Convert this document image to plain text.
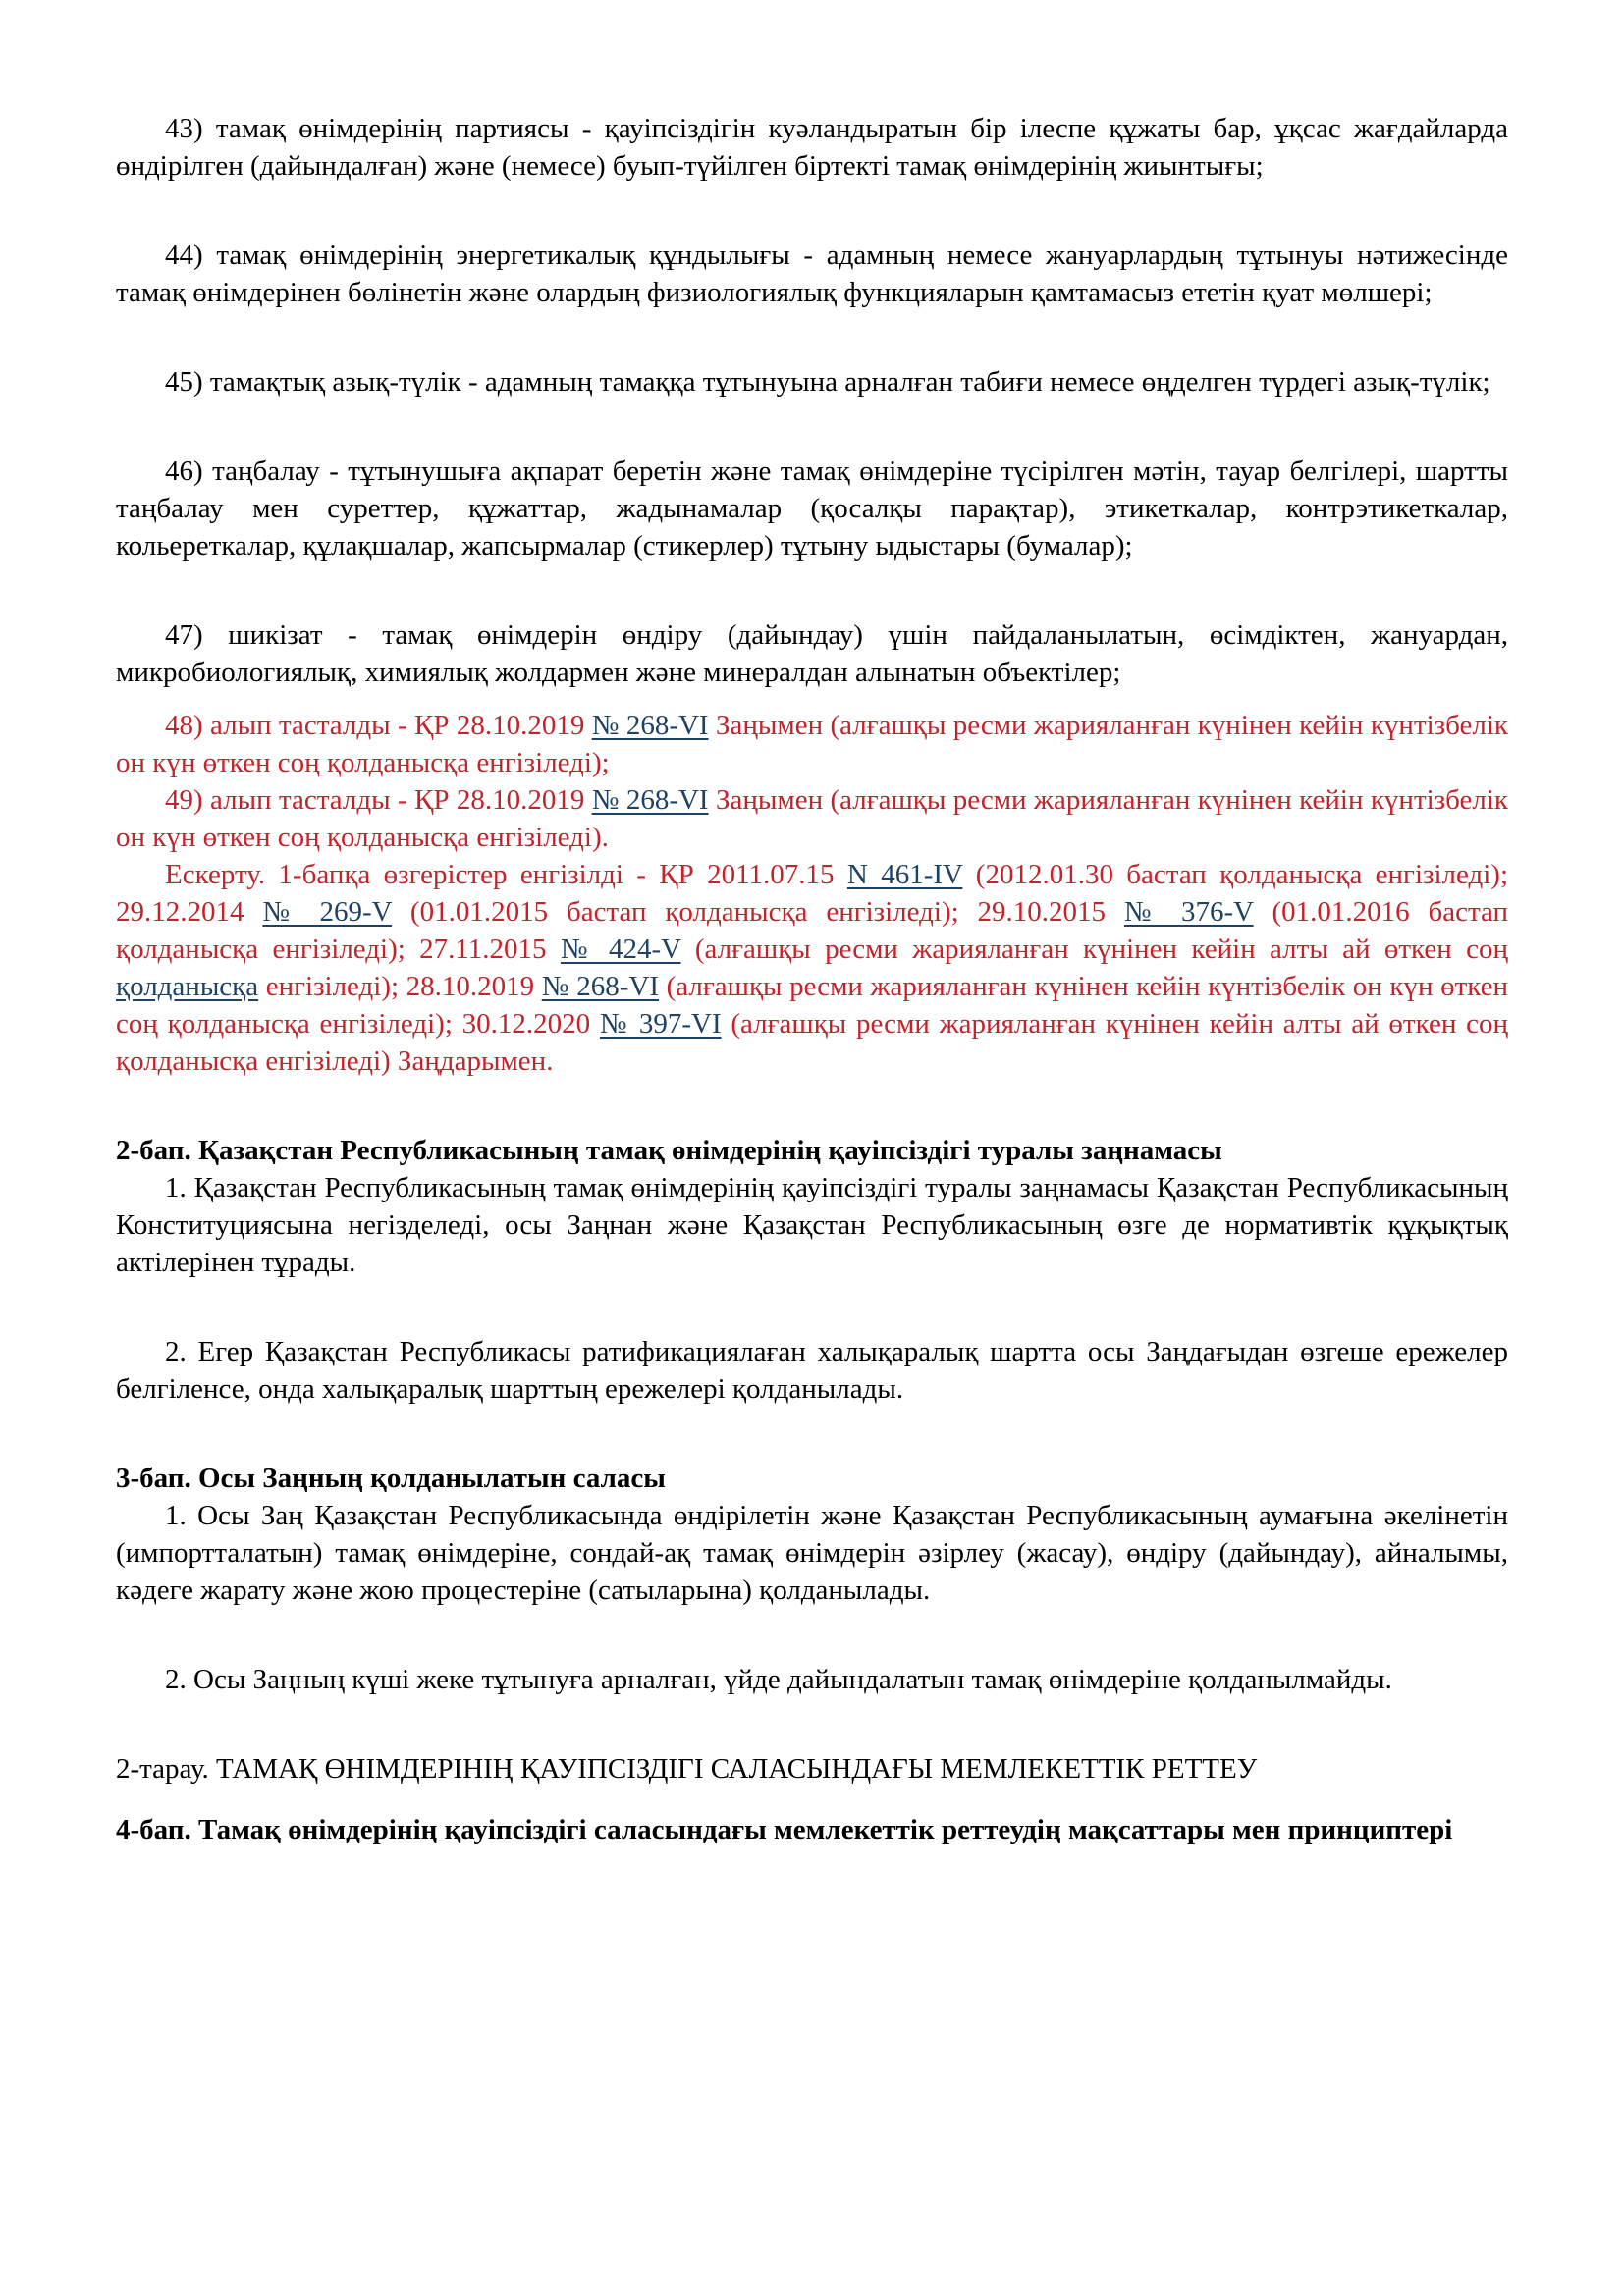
43) тамақ өнімдерінің партиясы - қауіпсіздігін куәландыратын бір ілеспе құжаты бар, ұқсас жағдайларда өндірілген (дайындалған) және (немесе) буып-түйілген біртекті тамақ өнімдерінің жиынтығы;

44) тамақ өнімдерінің энергетикалық құндылығы - адамның немесе жануарлардың тұтынуы нәтижесінде тамақ өнімдерінен бөлінетін және олардың физиологиялық функцияларын қамтамасыз ететін қуат мөлшері;

45) тамақтық азық-түлік - адамның тамаққа тұтынуына арналған табиғи немесе өңделген түрдегі азық-түлік;

46) таңбалау - тұтынушыға ақпарат беретін және тамақ өнімдеріне түсірілген мәтін, тауар белгілері, шартты таңбалау мен суреттер, құжаттар, жадынамалар (қосалқы парақтар), этикеткалар, контрэтикеткалар, кольереткалар, құлақшалар, жапсырмалар (стикерлер) тұтыну ыдыстары (бумалар);

47) шикізат - тамақ өнімдерін өндіру (дайындау) үшін пайдаланылатын, өсімдіктен, жануардан, микробиологиялық, химиялық жолдармен және минералдан алынатын объектілер;

48) алып тасталды - ҚР 28.10.2019 № 268-VI Заңымен (алғашқы ресми жарияланған күнінен кейін күнтізбелік он күн өткен соң қолданысқа енгізіледі);

49) алып тасталды - ҚР 28.10.2019 № 268-VI Заңымен (алғашқы ресми жарияланған күнінен кейін күнтізбелік он күн өткен соң қолданысқа енгізіледі).

Ескерту. 1-бапқа өзгерістер енгізілді - ҚР 2011.07.15 N 461-IV (2012.01.30 бастап қолданысқа енгізіледі); 29.12.2014 № 269-V (01.01.2015 бастап қолданысқа енгізіледі); 29.10.2015 № 376-V (01.01.2016 бастап қолданысқа енгізіледі); 27.11.2015 № 424-V (алғашқы ресми жарияланған күнінен кейін алты ай өткен соң қолданысқа енгізіледі); 28.10.2019 № 268-VI (алғашқы ресми жарияланған күнінен кейін күнтізбелік он күн өткен соң қолданысқа енгізіледі); 30.12.2020 № 397-VI (алғашқы ресми жарияланған күнінен кейін алты ай өткен соң қолданысқа енгізіледі) Заңдарымен.

2-бап. Қазақстан Республикасының тамақ өнімдерінің қауіпсіздігі туралы заңнамасы

1. Қазақстан Республикасының тамақ өнімдерінің қауіпсіздігі туралы заңнамасы Қазақстан Республикасының Конституциясына негізделеді, осы Заңнан және Қазақстан Республикасының өзге де нормативтік құқықтық актілерінен тұрады.

2. Егер Қазақстан Республикасы ратификациялаған халықаралық шартта осы Заңдағыдан өзгеше ережелер белгіленсе, онда халықаралық шарттың ережелері қолданылады.

3-бап. Осы Заңның қолданылатын саласы

1. Осы Заң Қазақстан Республикасында өндірілетін және Қазақстан Республикасының аумағына әкелінетін (импортталатын) тамақ өнімдеріне, сондай-ақ тамақ өнімдерін әзірлеу (жасау), өндіру (дайындау), айналымы, кәдеге жарату және жою процестеріне (сатыларына) қолданылады.

2. Осы Заңның күші жеке тұтынуға арналған, үйде дайындалатын тамақ өнімдеріне қолданылмайды.

2-тарау. ТАМАҚ ӨНІМДЕРІНІҢ ҚАУІПСІЗДІГІ САЛАСЫНДАҒЫ МЕМЛЕКЕТТІК РЕТТЕУ

4-бап. Тамақ өнімдерінің қауіпсіздігі саласындағы мемлекеттік реттеудің мақсаттары мен принциптері
